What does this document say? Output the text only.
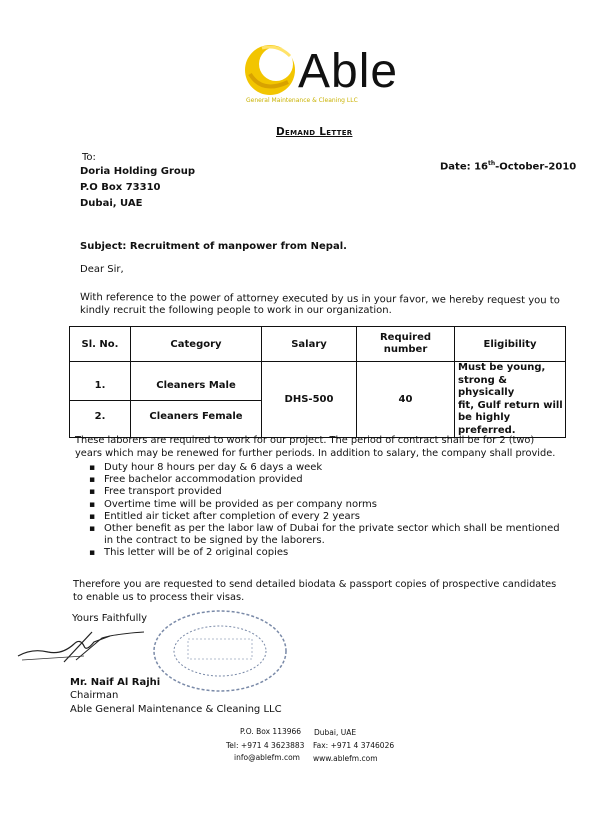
Able
General Maintenance & Cleaning LLC
Demand Letter
To:
Doria Holding Group
P.O Box 73310
Dubai, UAE
Date: 16th-October-2010
Subject: Recruitment of manpower from Nepal.
Dear Sir,
With reference to the power of attorney executed by us in your favor, we hereby request you to
kindly recruit the following people to work in our organization.
Sl. No.	Category	Salary	Required number	Eligibility
1.	Cleaners Male	DHS-500	40	Must be young,
strong & physically
fit, Gulf return will
be highly preferred.

2.	Cleaners Female			
These laborers are required to work for our project. The period of contract shall be for 2 (two)
years which may be renewed for further periods. In addition to salary, the company shall provide.
▪ Duty hour 8 hours per day & 6 days a week
▪ Free bachelor accommodation provided
▪ Free transport provided
▪ Overtime time will be provided as per company norms
▪ Entitled air ticket after completion of every 2 years
▪ Other benefit as per the labor law of Dubai for the private sector which shall be mentioned
in the contract to be signed by the laborers.
▪ This letter will be of 2 original copies
Therefore you are requested to send detailed biodata & passport copies of prospective candidates
to enable us to process their visas.
Yours Faithfully
Mr. Naif Al Rajhi
Chairman
Able General Maintenance & Cleaning LLC
P.O. Box 113966 Dubai, UAE
Tel: +971 4 3623883 Fax: +971 4 3746026
info@ablefm.com www.ablefm.com
